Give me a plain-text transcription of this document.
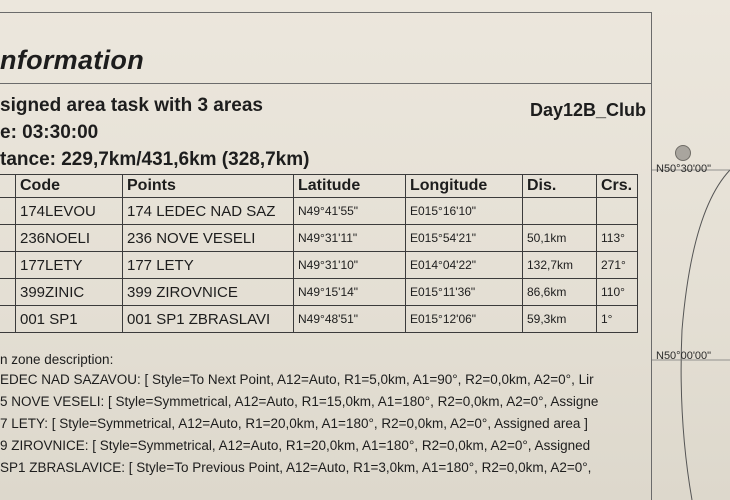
nformation
signed area task with 3 areas
e: 03:30:00
tance: 229,7km/431,6km (328,7km)
Day12B_Club
	Code	Points	Latitude	Longitude	Dis.	Crs.
	174LEVOU	174 LEDEC NAD SAZ	N49°41'55"	E015°16'10"		
	236NOELI	236 NOVE VESELI	N49°31'11"	E015°54'21"	50,1km	113°
	177LETY	177 LETY	N49°31'10"	E014°04'22"	132,7km	271°
	399ZINIC	399 ZIROVNICE	N49°15'14"	E015°11'36"	86,6km	110°
	001 SP1	001 SP1 ZBRASLAVI	N49°48'51"	E015°12'06"	59,3km	1°
n zone description:
EDEC NAD SAZAVOU: [ Style=To Next Point, A12=Auto, R1=5,0km, A1=90°, R2=0,0km, A2=0°, Lir
5 NOVE VESELI: [ Style=Symmetrical, A12=Auto, R1=15,0km, A1=180°, R2=0,0km, A2=0°, Assigne
7 LETY: [ Style=Symmetrical, A12=Auto, R1=20,0km, A1=180°, R2=0,0km, A2=0°, Assigned area ]
9 ZIROVNICE: [ Style=Symmetrical, A12=Auto, R1=20,0km, A1=180°, R2=0,0km, A2=0°, Assigned
SP1 ZBRASLAVICE: [ Style=To Previous Point, A12=Auto, R1=3,0km, A1=180°, R2=0,0km, A2=0°,
N50°30'00"
N50°00'00"
